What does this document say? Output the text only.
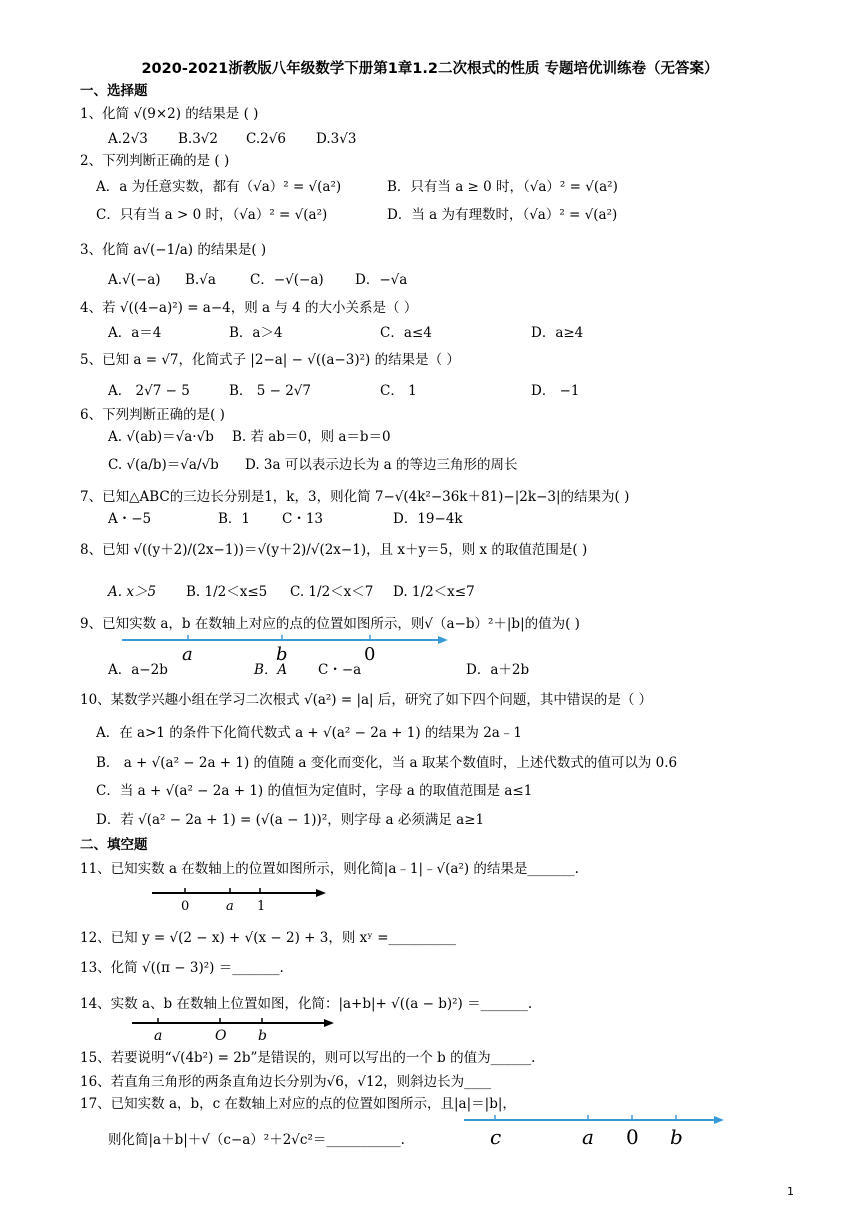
2020-2021浙教版八年级数学下册第1章1.2二次根式的性质 专题培优训练卷（无答案）
一、选择题
1、化简 √(9×2) 的结果是 ( )
A.2√3 B.3√2 C.2√6 D.3√3
2、下列判断正确的是 ( )
A．a 为任意实数，都有（√a）² = √(a²)	B．只有当 a ≥ 0 时，（√a）² = √(a²)
C．只有当 a > 0 时，（√a）² = √(a²)	D．当 a 为有理数时，（√a）² = √(a²)
3、化简 a√(−1/a) 的结果是( )
A.√(−a) B.√a	C．−√(−a) D．−√a
4、若 √((4−a)²) = a−4，则 a 与 4 的大小关系是（ ）
A．a＝4	B．a＞4	C．a≤4	D．a≥4
5、已知 a = √7，化简式子 |2−a| − √((a−3)²) 的结果是（ ）
A． 2√7 − 5	B． 5 − 2√7	C． 1	D． −1
6、下列判断正确的是( )
A. √(ab)＝√a·√b B. 若 ab＝0，则 a＝b＝0
C. √(a/b)＝√a/√b D. 3a 可以表示边长为 a 的等边三角形的周长
7、已知△ABC的三边长分别是1，k，3，则化简 7−√(4k²−36k＋81)−|2k−3|的结果为( )
A・−5	B．1 C・13	D．19−4k
8、已知 √((y＋2)/(2x−1))＝√(y＋2)/√(2x−1)，且 x＋y＝5，则 x 的取值范围是( )
A. x＞5 B. 1/2＜x≤5 C. 1/2＜x＜7 D. 1/2＜x≤7
9、已知实数 a，b 在数轴上对应的点的位置如图所示，则√（a−b）²＋|b|的值为( )
a	b	0
A．a−2b	B．A C・−a	D．a＋2b
10、某数学兴趣小组在学习二次根式 √(a²) = |a| 后，研究了如下四个问题，其中错误的是（ ）
A．在 a>1 的条件下化简代数式 a + √(a² − 2a + 1) 的结果为 2a﹣1
B． a + √(a² − 2a + 1) 的值随 a 变化而变化，当 a 取某个数值时，上述代数式的值可以为 0.6
C．当 a + √(a² − 2a + 1) 的值恒为定值时，字母 a 的取值范围是 a≤1
D．若 √(a² − 2a + 1) = (√(a − 1))²，则字母 a 必须满足 a≥1
二、填空题
11、已知实数 a 在数轴上的位置如图所示，则化简|a﹣1|﹣√(a²) 的结果是_______.
0	a 1
12、已知 y = √(2 − x) + √(x − 2) + 3，则 xʸ =__________
13、化简 √((π − 3)²) ＝_______.
14、实数 a、b 在数轴上位置如图，化简：|a+b|+ √((a − b)²) ＝_______.
a	O b
15、若要说明“√(4b²) = 2b”是错误的，则可以写出的一个 b 的值为______.
16、若直角三角形的两条直角边长分别为√6，√12，则斜边长为____
17、已知实数 a，b，c 在数轴上对应的点的位置如图所示，且|a|＝|b|，
c	a 0 b
则化简|a＋b|＋√（c−a）²＋2√c²＝___________.
1
